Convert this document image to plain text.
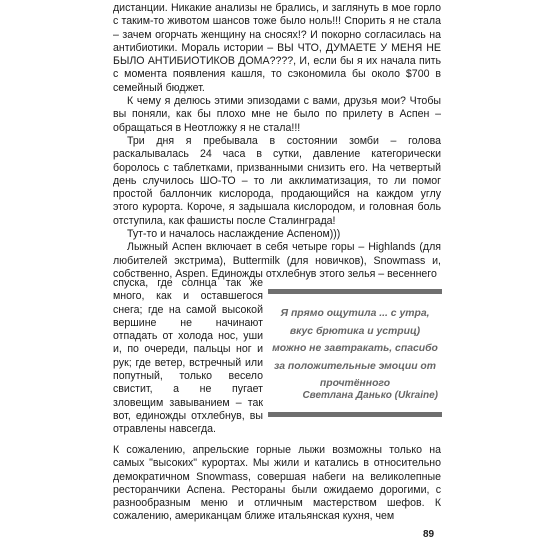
дистанции. Никакие анализы не брались, и заглянуть в мое горло с таким-то животом шансов тоже было ноль!!! Спорить я не стала – зачем огорчать женщину на сносях!? И покорно согласилась на антибиотики. Мораль истории – ВЫ ЧТО, ДУМАЕТЕ У МЕНЯ НЕ БЫЛО АНТИБИОТИКОВ ДОМА????, И, если бы я их начала пить с момента появления кашля, то сэкономила бы около $700 в семейный бюджет.

К чему я делюсь этими эпизодами с вами, друзья мои? Чтобы вы поняли, как бы плохо мне не было по прилету в Аспен – обращаться в Неотложку я не стала!!!

Три дня я пребывала в состоянии зомби – голова раскалывалась 24 часа в сутки, давление категорически боролось с таблетками, призванными снизить его. На четвертый день случилось ШО-ТО – то ли акклиматизация, то ли помог простой баллончик кислорода, продающийся на каждом углу этого курорта. Короче, я задышала кислородом, и головная боль отступила, как фашисты после Сталинграда!

Тут-то и началось наслаждение Аспеном)))

Лыжный Аспен включает в себя четыре горы – Highlands (для любителей экстрима), Buttermilk (для новичков), Snowmass и, собственно, Aspen. Единожды отхлебнув этого зелья – весеннего

спуска, где солнца так же много, как и оставшегося снега; где на самой высокой вершине не начинают отпадать от холода нос, уши и, по очереди, пальцы ног и рук; где ветер, встречный или попутный, только весело свистит, а не пугает зловещим завыванием – так вот, единожды отхлебнув, вы отравлены навсегда.

Я прямо ощутила ... с утра, вкус брютика и устриц) можно не завтракать, спасибо за положительные эмоции от прочтённого
Светлана Данько (Ukraine)

К сожалению, апрельские горные лыжи возможны только на самых "высоких" курортах. Мы жили и катались в относительно демократичном Snowmass, совершая набеги на великолепные ресторанчики Аспена. Рестораны были ожидаемо дорогими, с разнообразным меню и отличным мастерством шефов. К сожалению, американцам ближе итальянская кухня, чем

89
